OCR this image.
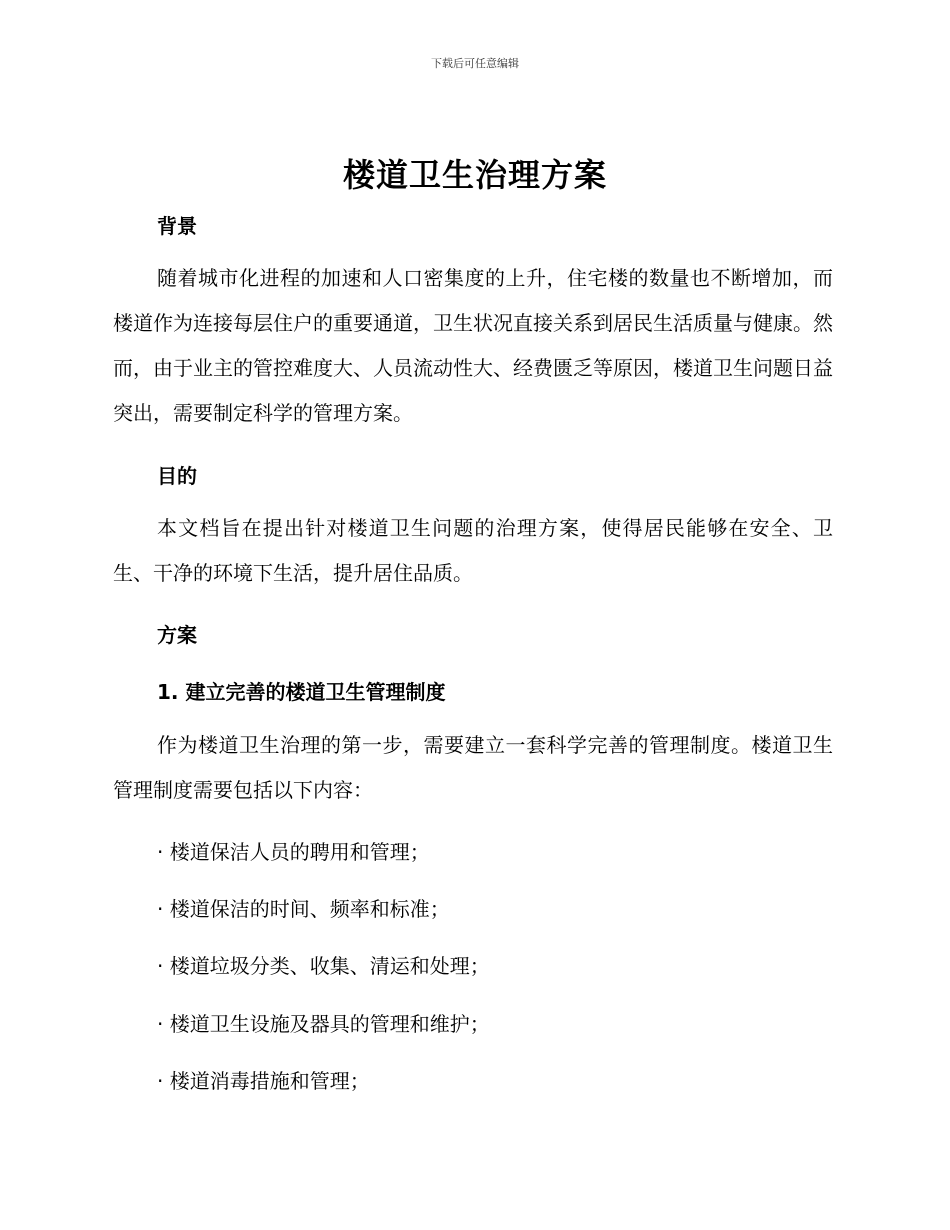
下载后可任意编辑
楼道卫生治理方案
背景

随着城市化进程的加速和人口密集度的上升，住宅楼的数量也不断增加，而楼道作为连接每层住户的重要通道，卫生状况直接关系到居民生活质量与健康。然而，由于业主的管控难度大、人员流动性大、经费匮乏等原因，楼道卫生问题日益突出，需要制定科学的管理方案。

目的

本文档旨在提出针对楼道卫生问题的治理方案，使得居民能够在安全、卫生、干净的环境下生活，提升居住品质。

方案
1. 建立完善的楼道卫生管理制度

作为楼道卫生治理的第一步，需要建立一套科学完善的管理制度。楼道卫生管理制度需要包括以下内容：

· 楼道保洁人员的聘用和管理；
· 楼道保洁的时间、频率和标准；
· 楼道垃圾分类、收集、清运和处理；
· 楼道卫生设施及器具的管理和维护；
· 楼道消毒措施和管理；
